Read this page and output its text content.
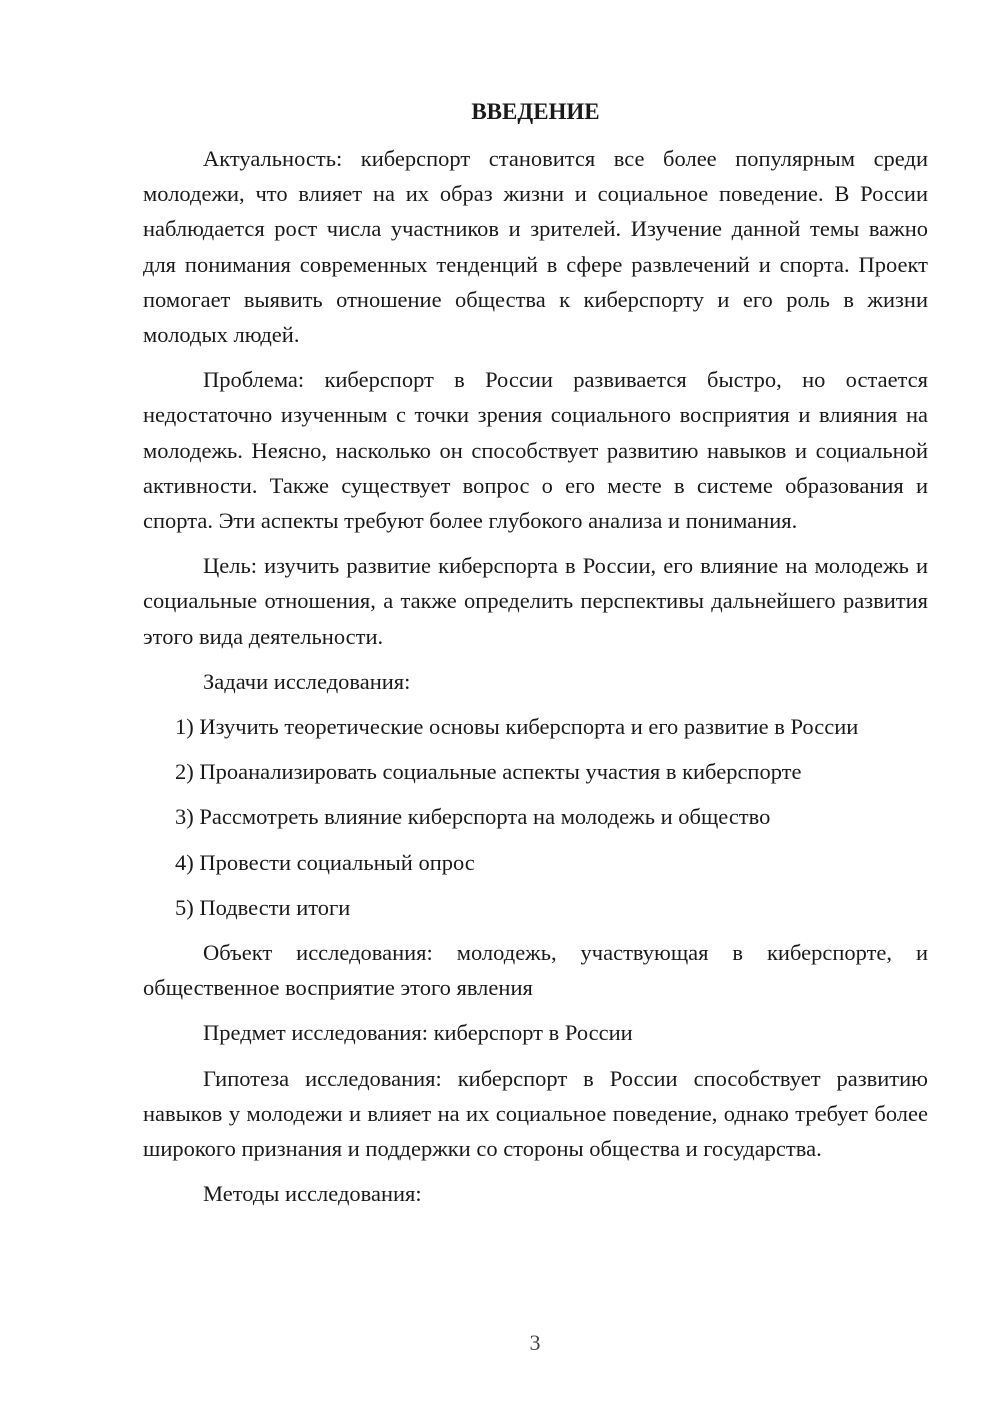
ВВЕДЕНИЕ

Актуальность: киберспорт становится все более популярным среди молодежи, что влияет на их образ жизни и социальное поведение. В России наблюдается рост числа участников и зрителей. Изучение данной темы важно для понимания современных тенденций в сфере развлечений и спорта. Проект помогает выявить отношение общества к киберспорту и его роль в жизни молодых людей.

Проблема: киберспорт в России развивается быстро, но остается недостаточно изученным с точки зрения социального восприятия и влияния на молодежь. Неясно, насколько он способствует развитию навыков и социальной активности. Также существует вопрос о его месте в системе образования и спорта. Эти аспекты требуют более глубокого анализа и понимания.

Цель: изучить развитие киберспорта в России, его влияние на молодежь и социальные отношения, а также определить перспективы дальнейшего развития этого вида деятельности.

Задачи исследования:

1) Изучить теоретические основы киберспорта и его развитие в России

2) Проанализировать социальные аспекты участия в киберспорте

3) Рассмотреть влияние киберспорта на молодежь и общество

4) Провести социальный опрос

5) Подвести итоги

Объект исследования: молодежь, участвующая в киберспорте, и общественное восприятие этого явления

Предмет исследования: киберспорт в России

Гипотеза исследования: киберспорт в России способствует развитию навыков у молодежи и влияет на их социальное поведение, однако требует более широкого признания и поддержки со стороны общества и государства.

Методы исследования:

3
